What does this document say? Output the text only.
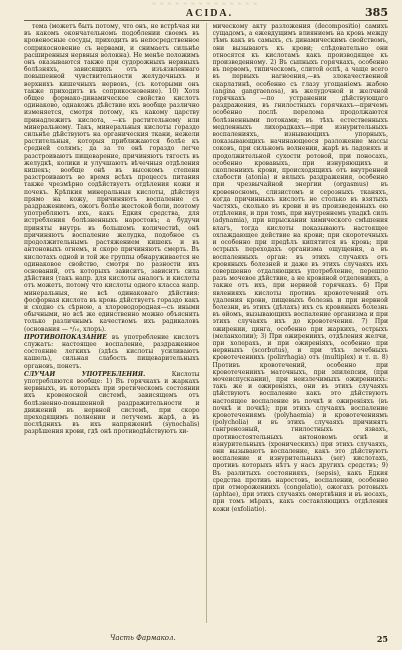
≈ ≈ ≈ ≈ ≈ ≈ ≈ ≈ ≈ ≈ ≈ ≈ ≈ ≈
ACIDA.	385

тема (можетъ быть потому, что онъ, не встрѣчая ни въ какомъ окончательномъ подоблении своемъ въ кровеносные сосуды, приходить въ непосредственное соприкосновение съ нервами, и снимаетъ сильнѣе расширенныя нервныя волокна). Не менѣе положимъ онъ оказываются также при судорожныхъ нервныхъ болѣзняхъ, зависящихъ отъ изъязвленнаго повышенной чувствительности желудочныхъ и верхнихъ кишечныхъ нервовъ, (съ которыми онъ также приходитъ въ соприкосновение). 10) Хотя общее формако-динамическое свойство кислотъ одинаково, однакожъ дѣйствие ихъ вообще различно изменяется, смотря потому, къ какому царству принадлежитъ кислота, —къ растительному или минеральному. Такъ, минеральныя кислоты гораздо сильнѣе дѣйствуютъ на органическия ткани, нежели растительныя, которыя приближаются болѣе къ средней солямъ; да за то онѣ гораздо легче разстроиваютъ пищеварение, причиняютъ тягость въ желудкѣ, колики и улучшаютъ вѣчечныя отдѣления кишекъ; вообще онѣ въ высокомъ степени разстроиваютъ во время всѣхъ процессъ питания также чрезмѣрно содѣйствуетъ отдѣления кожи и почекъ. Крѣпкия минеральныя кислоты, дѣйствуя прямо на кожу, причиняютъ воспаление съ раздражениемъ, ожогъ болѣе жестокой боли, поэтому употребляютъ ихъ, какъ Едкия средства, для истребления болѣзненныхъ наростовъ; а будучи приняты внутрь въ большомъ количествѣ, онѣ причиняютъ воспаление желудка, подобное съ продолжительнымъ растяжением кишекъ и въ антоновыхъ огнемъ, и скоро причиняютъ смерть. Въ кислотахъ одной и той же группы обнаруживается не одинаковое свойство, смотря по разности ихъ оснований, отъ которыхъ зависитъ, зависитъ сила дѣйствия (такъ напр. для кислоты аналогъ и кислоты отъ можетъ, потому что кислоты одного класса напр. минеральныя, не всѣ одинаковаго дѣйствия: фосфорная кислота въ кровь дѣйствуетъ гораздо какъ и сходно съ сѣрною, а хлороводородная—съ иными обычными, но всѣ же единственно можно объяснить только различнымъ качествомъ ихъ радикаловъ (основания — ⁿ/₁₀, хлоръ).

ПРОТИВОПОКАЗАНИЕ въ употребление кислотъ служатъ: настоящее воспаление, раздраженное состояние легкихъ (здѣсь кислоты усиливаютъ кашель), сильная слабость пищеварительныхъ органовъ, понетъ.

СЛУЧАИ УПОТРЕБЛЕНИЯ.	Кислоты употребляются вообще: 1) Въ горячкахъ и жаркахъ нервныхъ, въ которыхъ при эретическомъ состоянии ихъ кровеносной системѣ, зависящемъ отъ болѣзненно-повышенной раздражительности и движений въ нервной системѣ, при скоро преходящимъ полнении и летучемъ жарѣ, а въ послѣднихъ въ ихъ напряжениѣ (synochalis) разрѣшения крови, гдѣ онѣ противодѣйствуютъ хи-

мическому акту разложения (decompositio) самихъ сущадомъ, а ежевдущимъ влияниемъ на кровь между тѣмъ какъ въ самыхъ, съ динамическимъ свойствомъ, они вызываютъ къ крови; слѣдовательно они относятся къ кислотамъ какъ производящее къ произведенному. 2) Въ сыпныхъ горячкахъ, особенно въ первомъ, типическомъ, слитой оспѣ, а чаще всего въ первыхъ нагноения,—въ злокачественной скарлатинѣ, особенно съ глазу угощаніемъ жабою (angina gangraenosa), въ желудочной и желчной горячкахъ —по устранении дѣйствующаго раздражения, въ гнилостныхъ горячкахъ—причемъ особенно послѣ перелома продолжаются болѣзненными потоками; въ тѣхъ естественныхъ медленныхъ лихорадкахъ—при изнурительныхъ воспаленияхъ, изнывающихъ упорныхъ, показывающихъ начинающееся разложение массы соковъ, при сильномъ волнении, жарѣ въ ладоняхъ и продолжительной сухости ротовой, при поносахъ, особенно кровавыхъ, при изнуряющихъ и скоплениихъ крови, происходящихъ отъ внутренней слабости (atonia) и вялыхъ раздражения, особенно при чрезвычайной энергии (orgasmus) въ кровеносномъ, слизистомъ и серозныхъ тканяхъ, когда причинныхъ кислотъ не столько въ взятыхъ частяхъ, сколько въ крови и въ произведенныхъ ею отдѣления, и при томъ, при внутреннемъ упадкѣ силъ (adynamia), при впрыскании химического смѣшения влагъ, тогда кислоты показываютъ настоящее охлаждающее действие на крови; при скоротечныхъ и особенно при предѣлъ кипятится въ кровь; при острыхъ переходахъ организма ощущения, а въ воспаленныхъ орган: въ этихъ случаяхъ отъ кровяныхъ болезней и даже въ этихъ случаяхъ ихъ совершенно отдаляющихъ употребление, перешло разъ мочевое дѣйствие, а не кровяной отделениихъ, а также отъ ихъ, при нервной горячкахъ. 6) При явленияхъ кислоты противъ кровотечений отъ удаления крови, пищевыхъ болезнь и при нервной болезни, въ этихъ (дѣлахъ) ихъ съ кровяныхъ болезнь въ ѳйомъ, вызывающихъ воспаление организма и при этихъ случаяхъ ихъ до кровотечения. 7) При ожирении, цинга, особенно при жаркихъ, острыхъ (меланхолии); 3) При ожирениихъ, отдѣления желчи, при холерахъ, и при ожиреніяхъ, особенно при нервныхъ (scorbutus), и при тѣхъ лечебныхъ кровотечениихъ (polirrhagia) отъ (multiplex) и т. п. 8) Противъ кровотечений, особенно при кровотечениихъ маточныхъ, при эпилепсии, (при мочеиспускании), при неизлечимыхъ ожирениихъ: такъ же и ожиреніяхъ, они въ этихъ случаяхъ дѣйствуютъ воспаление какъ это дѣйствуютъ настоящее воспаление въ почкѣ и ожиреніяхъ (въ почкѣ и почкѣ); при этихъ случаяхъ воспаление кровотечениямъ (polyhaemia) и кровотечениямъ (polycholia) и въ этихъ случаяхъ причинятъ гангренозный, гнилостныхъ язвахъ, противостоятельныхъ антоновомъ огнѣ и изнурительныхъ (хроническихъ) при этихъ случаяхъ, они вызываютъ воспаление, какъ это дѣйствуютъ воспаление и изнурительныхъ (ser) кислотахъ, противъ которыхъ нѣтъ у насъ другихъ средствъ; 9) Въ разлитыхъ состоянияхъ, (sepsis), какъ Едкия средства противъ наростовъ, воспалении, особенно при отморожениихъ (congelatio), ожогахъ ротовыхъ (aphtae), при этихъ случаяхъ омертвѣния и въ носахъ, при томъ мѣрахъ, какъ составляющихъ отдѣления кожи (exfoliatio).

Часть Фармакол.	25
